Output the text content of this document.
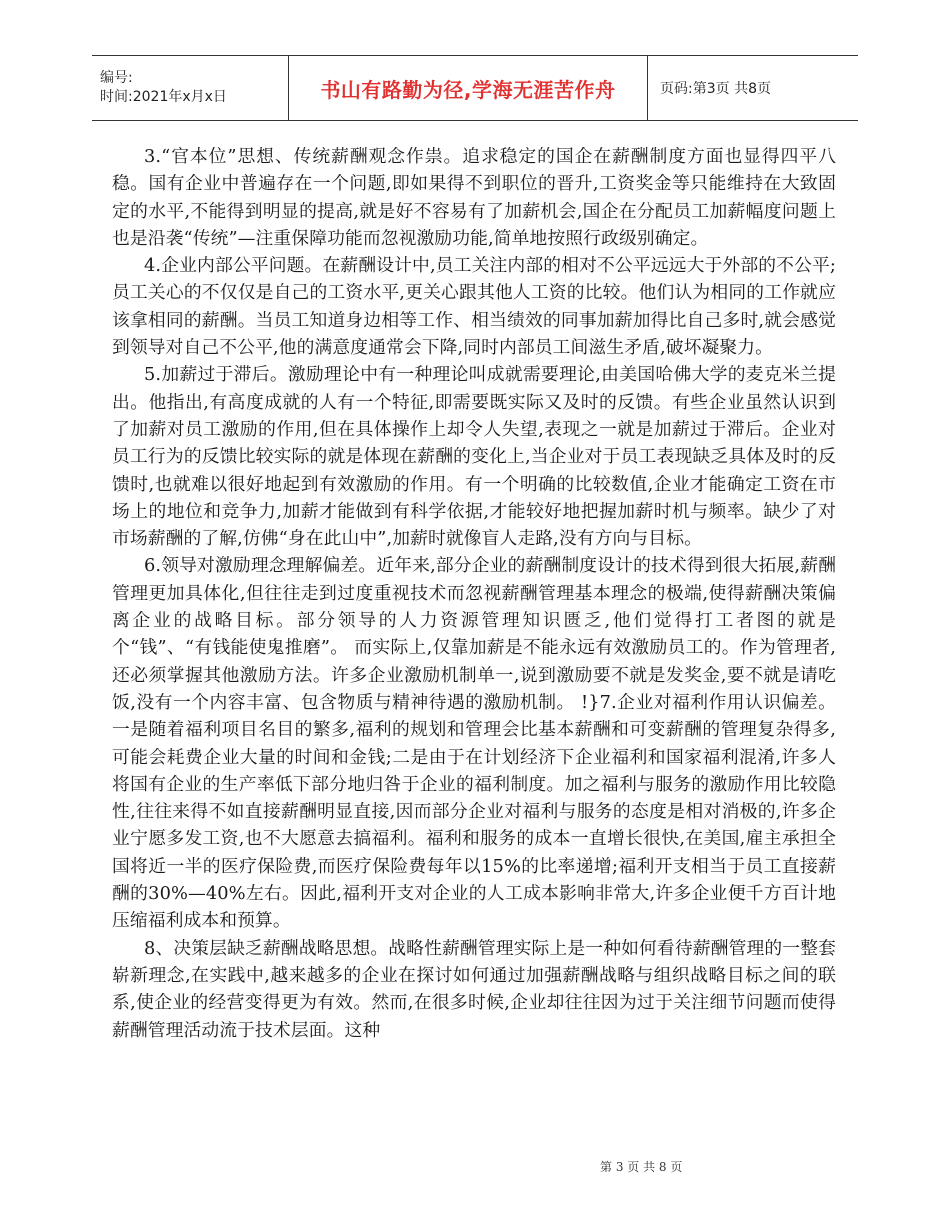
编号:
时间:2021年x月x日	书山有路勤为径,学海无涯苦作舟	页码:第3页 共8页

3.“官本位”思想、传统薪酬观念作祟。追求稳定的国企在薪酬制度方面也显得四平八稳。国有企业中普遍存在一个问题,即如果得不到职位的晋升,工资奖金等只能维持在大致固定的水平,不能得到明显的提高,就是好不容易有了加薪机会,国企在分配员工加薪幅度问题上也是沿袭“传统”—注重保障功能而忽视激励功能,简单地按照行政级别确定。

4.企业内部公平问题。在薪酬设计中,员工关注内部的相对不公平远远大于外部的不公平;员工关心的不仅仅是自己的工资水平,更关心跟其他人工资的比较。他们认为相同的工作就应该拿相同的薪酬。当员工知道身边相等工作、相当绩效的同事加薪加得比自己多时,就会感觉到领导对自己不公平,他的满意度通常会下降,同时内部员工间滋生矛盾,破坏凝聚力。

5.加薪过于滞后。激励理论中有一种理论叫成就需要理论,由美国哈佛大学的麦克米兰提出。他指出,有高度成就的人有一个特征,即需要既实际又及时的反馈。有些企业虽然认识到了加薪对员工激励的作用,但在具体操作上却令人失望,表现之一就是加薪过于滞后。企业对员工行为的反馈比较实际的就是体现在薪酬的变化上,当企业对于员工表现缺乏具体及时的反馈时,也就难以很好地起到有效激励的作用。有一个明确的比较数值,企业才能确定工资在市场上的地位和竞争力,加薪才能做到有科学依据,才能较好地把握加薪时机与频率。缺少了对市场薪酬的了解,仿佛“身在此山中”,加薪时就像盲人走路,没有方向与目标。

6.领导对激励理念理解偏差。近年来,部分企业的薪酬制度设计的技术得到很大拓展,薪酬管理更加具体化,但往往走到过度重视技术而忽视薪酬管理基本理念的极端,使得薪酬决策偏离企业的战略目标。部分领导的人力资源管理知识匮乏,他们觉得打工者图的就是个“钱”、“有钱能使鬼推磨”。 而实际上,仅靠加薪是不能永远有效激励员工的。作为管理者,还必须掌握其他激励方法。许多企业激励机制单一,说到激励要不就是发奖金,要不就是请吃饭,没有一个内容丰富、包含物质与精神待遇的激励机制。 !}7.企业对福利作用认识偏差。一是随着福利项目名目的繁多,福利的规划和管理会比基本薪酬和可变薪酬的管理复杂得多,可能会耗费企业大量的时间和金钱;二是由于在计划经济下企业福利和国家福利混淆,许多人将国有企业的生产率低下部分地归咎于企业的福利制度。加之福利与服务的激励作用比较隐性,往往来得不如直接薪酬明显直接,因而部分企业对福利与服务的态度是相对消极的,许多企业宁愿多发工资,也不大愿意去搞福利。福利和服务的成本一直增长很快,在美国,雇主承担全国将近一半的医疗保险费,而医疗保险费每年以15%的比率递增;福利开支相当于员工直接薪酬的30%—40%左右。因此,福利开支对企业的人工成本影响非常大,许多企业便千方百计地压缩福利成本和预算。

8、决策层缺乏薪酬战略思想。战略性薪酬管理实际上是一种如何看待薪酬管理的一整套崭新理念,在实践中,越来越多的企业在探讨如何通过加强薪酬战略与组织战略目标之间的联系,使企业的经营变得更为有效。然而,在很多时候,企业却往往因为过于关注细节问题而使得薪酬管理活动流于技术层面。这种

第 3 页 共 8 页
